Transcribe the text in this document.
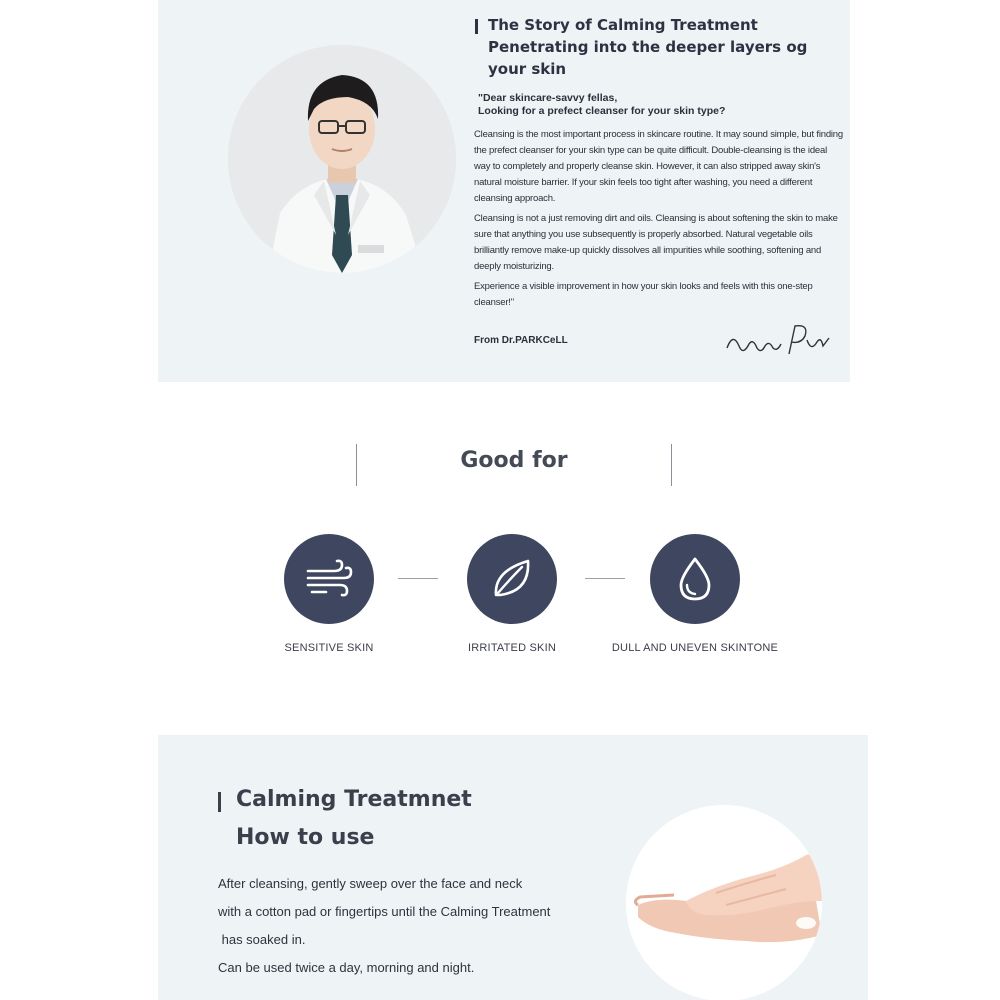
The Story of Calming Treatment
Penetrating into the deeper layers og your skin
"Dear skincare-savvy fellas,
Looking for a prefect cleanser for your skin type?

Cleansing is the most important process in skincare routine. It may sound simple, but finding the prefect cleanser for your skin type can be quite difficult. Double-cleansing is the ideal way to completely and properly cleanse skin. However, it can also stripped away skin's natural moisture barrier. If your skin feels too tight after washing, you need a different cleansing approach.

Cleansing is not a just removing dirt and oils. Cleansing is about softening the skin to make sure that anything you use subsequently is properly absorbed. Natural vegetable oils brilliantly remove make-up quickly dissolves all impurities while soothing, softening and deeply moisturizing.

Experience a visible improvement in how your skin looks and feels with this one-step cleanser!"

From Dr.PARKCeLL
Good for
SENSITIVE SKIN	IRRITATED SKIN	DULL AND UNEVEN SKINTONE
Calming Treatmnet
How to use

After cleansing, gently sweep over the face and neck

with a cotton pad or fingertips until the Calming Treatment

has soaked in.

Can be used twice a day, morning and night.
